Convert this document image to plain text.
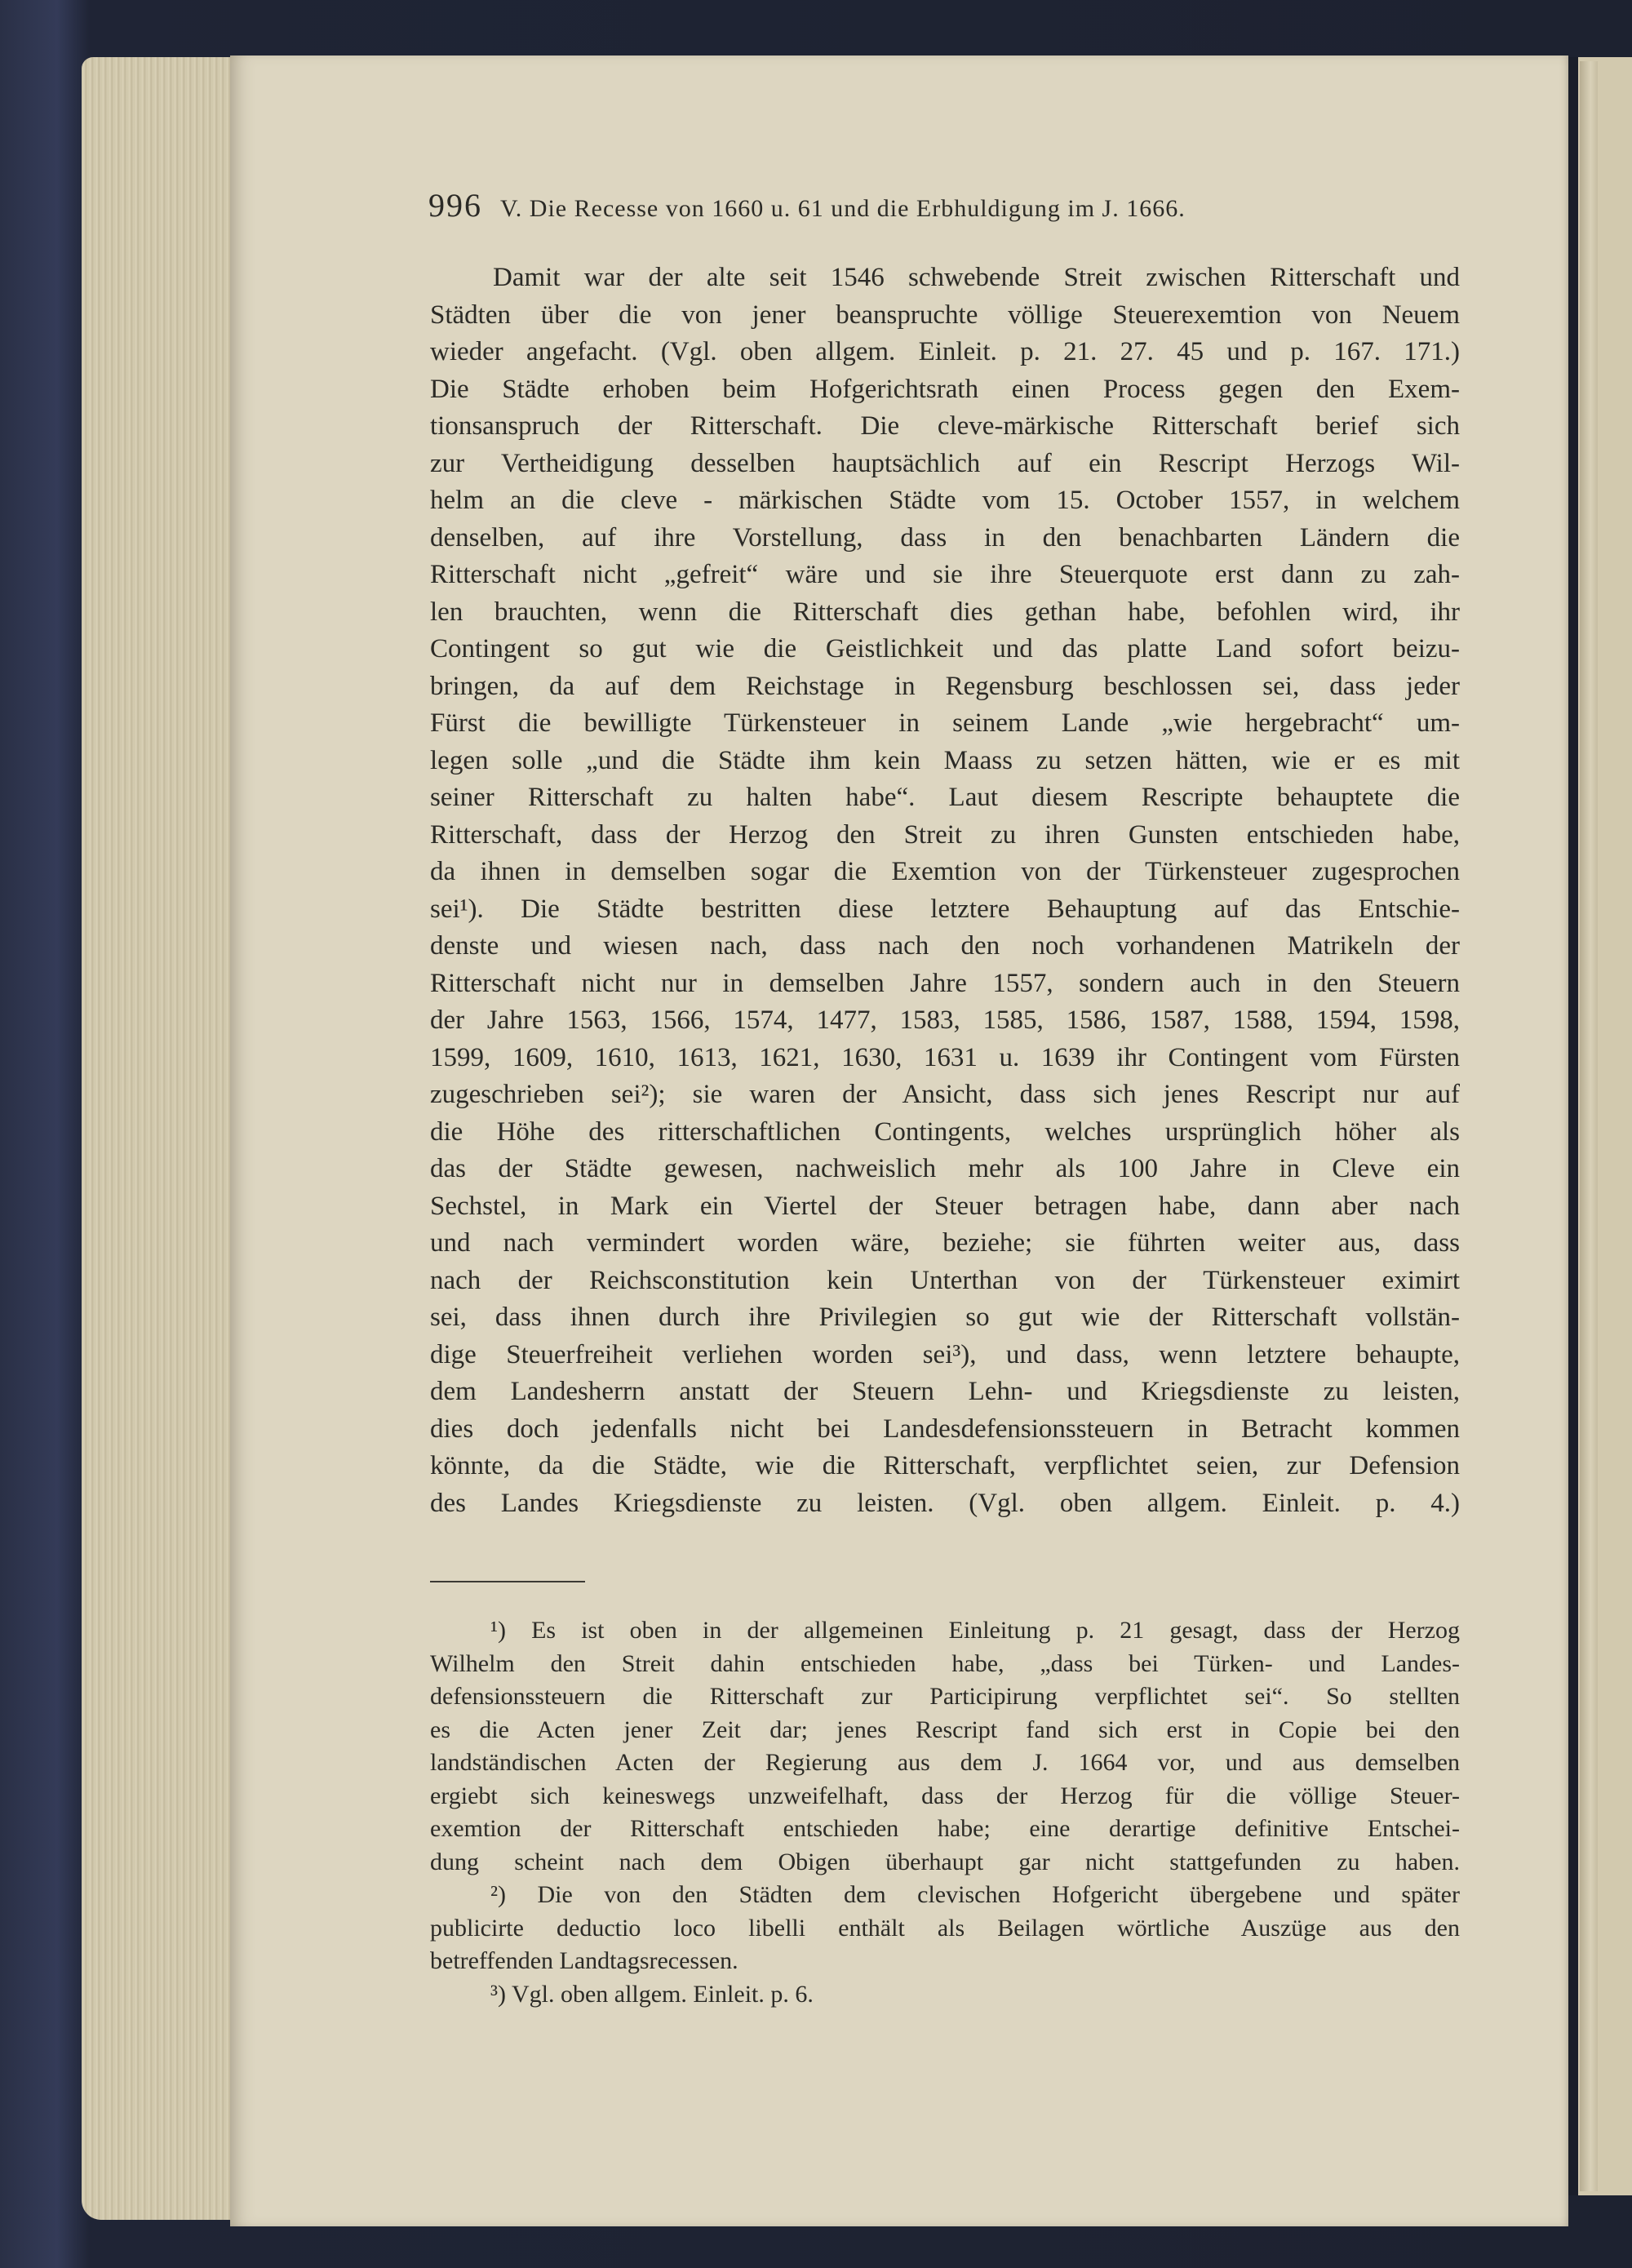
996 V. Die Recesse von 1660 u. 61 und die Erbhuldigung im J. 1666.
Damit war der alte seit 1546 schwebende Streit zwischen Ritterschaft und
Städten über die von jener beanspruchte völlige Steuerexemtion von Neuem
wieder angefacht. (Vgl. oben allgem. Einleit. p. 21. 27. 45 und p. 167. 171.)
Die Städte erhoben beim Hofgerichtsrath einen Process gegen den Exem-
tionsanspruch der Ritterschaft. Die cleve-märkische Ritterschaft berief sich
zur Vertheidigung desselben hauptsächlich auf ein Rescript Herzogs Wil-
helm an die cleve - märkischen Städte vom 15. October 1557, in welchem
denselben, auf ihre Vorstellung, dass in den benachbarten Ländern die
Ritterschaft nicht „gefreit“ wäre und sie ihre Steuerquote erst dann zu zah-
len brauchten, wenn die Ritterschaft dies gethan habe, befohlen wird, ihr
Contingent so gut wie die Geistlichkeit und das platte Land sofort beizu-
bringen, da auf dem Reichstage in Regensburg beschlossen sei, dass jeder
Fürst die bewilligte Türkensteuer in seinem Lande „wie hergebracht“ um-
legen solle „und die Städte ihm kein Maass zu setzen hätten, wie er es mit
seiner Ritterschaft zu halten habe“. Laut diesem Rescripte behauptete die
Ritterschaft, dass der Herzog den Streit zu ihren Gunsten entschieden habe,
da ihnen in demselben sogar die Exemtion von der Türkensteuer zugesprochen
sei¹). Die Städte bestritten diese letztere Behauptung auf das Entschie-
denste und wiesen nach, dass nach den noch vorhandenen Matrikeln der
Ritterschaft nicht nur in demselben Jahre 1557, sondern auch in den Steuern
der Jahre 1563, 1566, 1574, 1477, 1583, 1585, 1586, 1587, 1588, 1594, 1598,
1599, 1609, 1610, 1613, 1621, 1630, 1631 u. 1639 ihr Contingent vom Fürsten
zugeschrieben sei²); sie waren der Ansicht, dass sich jenes Rescript nur auf
die Höhe des ritterschaftlichen Contingents, welches ursprünglich höher als
das der Städte gewesen, nachweislich mehr als 100 Jahre in Cleve ein
Sechstel, in Mark ein Viertel der Steuer betragen habe, dann aber nach
und nach vermindert worden wäre, beziehe; sie führten weiter aus, dass
nach der Reichsconstitution kein Unterthan von der Türkensteuer eximirt
sei, dass ihnen durch ihre Privilegien so gut wie der Ritterschaft vollstän-
dige Steuerfreiheit verliehen worden sei³), und dass, wenn letztere behaupte,
dem Landesherrn anstatt der Steuern Lehn- und Kriegsdienste zu leisten,
dies doch jedenfalls nicht bei Landesdefensionssteuern in Betracht kommen
könnte, da die Städte, wie die Ritterschaft, verpflichtet seien, zur Defension
des Landes Kriegsdienste zu leisten. (Vgl. oben allgem. Einleit. p. 4.)
¹) Es ist oben in der allgemeinen Einleitung p. 21 gesagt, dass der Herzog
Wilhelm den Streit dahin entschieden habe, „dass bei Türken- und Landes-
defensionssteuern die Ritterschaft zur Participirung verpflichtet sei“. So stellten
es die Acten jener Zeit dar; jenes Rescript fand sich erst in Copie bei den
landständischen Acten der Regierung aus dem J. 1664 vor, und aus demselben
ergiebt sich keineswegs unzweifelhaft, dass der Herzog für die völlige Steuer-
exemtion der Ritterschaft entschieden habe; eine derartige definitive Entschei-
dung scheint nach dem Obigen überhaupt gar nicht stattgefunden zu haben.
²) Die von den Städten dem clevischen Hofgericht übergebene und später
publicirte deductio loco libelli enthält als Beilagen wörtliche Auszüge aus den
betreffenden Landtagsrecessen.
³) Vgl. oben allgem. Einleit. p. 6.
